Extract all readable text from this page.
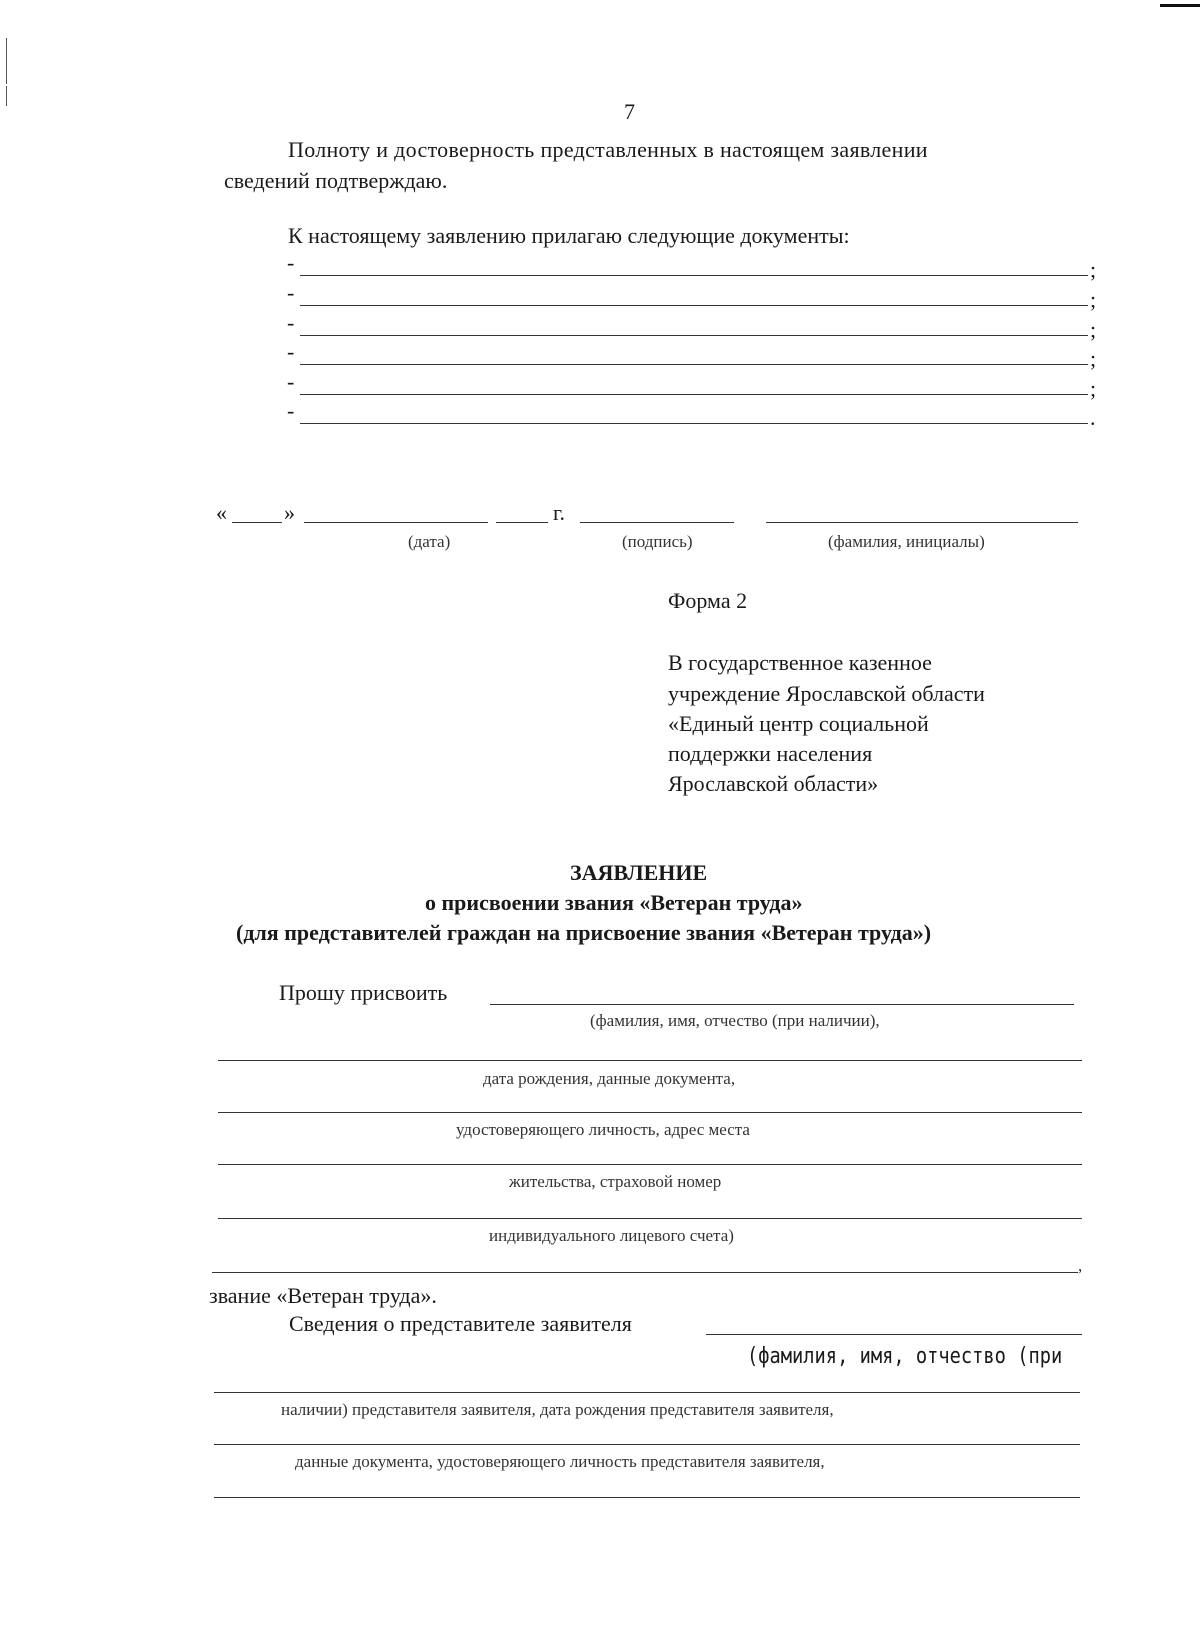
7
Полноту и достоверность представленных в настоящем заявлении
сведений подтверждаю.
К настоящему заявлению прилагаю следующие документы:
-	;
-	;
-	;
-	;
-	;
-	.
«	»	г.
(дата)	(подпись)	(фамилия, инициалы)
Форма 2
В государственное казенное
учреждение Ярославской области
«Единый центр социальной
поддержки населения
Ярославской области»
ЗАЯВЛЕНИЕ
о присвоении звания «Ветеран труда»
(для представителей граждан на присвоение звания «Ветеран труда»)
Прошу присвоить
(фамилия, имя, отчество (при наличии),
дата рождения, данные документа,
удостоверяющего личность, адрес места
жительства, страховой номер
индивидуального лицевого счета)
,
звание «Ветеран труда».
Сведения о представителе заявителя
(фамилия, имя, отчество (при
наличии) представителя заявителя, дата рождения представителя заявителя,
данные документа, удостоверяющего личность представителя заявителя,
